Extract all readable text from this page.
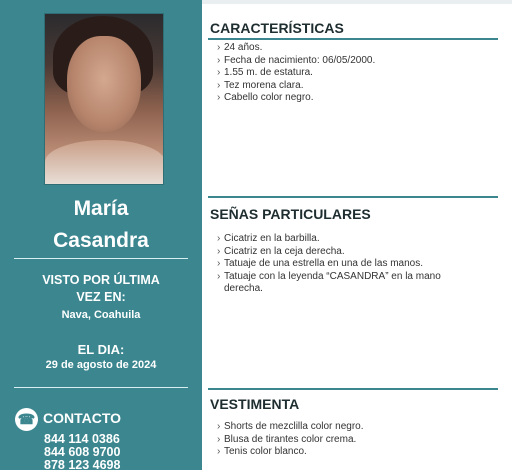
María
Casandra
VISTO POR ÚLTIMA
VEZ EN:
Nava, Coahuila
EL DIA:
29 de agosto de 2024
☎ CONTACTO
844 114 0386
844 608 9700
878 123 4698
CARACTERÍSTICAS
› 24 años.
› Fecha de nacimiento: 06/05/2000.
› 1.55 m. de estatura.
› Tez morena clara.
› Cabello color negro.
SEÑAS PARTICULARES
› Cicatriz en la barbilla.
› Cicatriz en la ceja derecha.
› Tatuaje de una estrella en una de las manos.
› Tatuaje con la leyenda “CASANDRA” en la mano derecha.
VESTIMENTA
› Shorts de mezclilla color negro.
› Blusa de tirantes color crema.
› Tenis color blanco.
